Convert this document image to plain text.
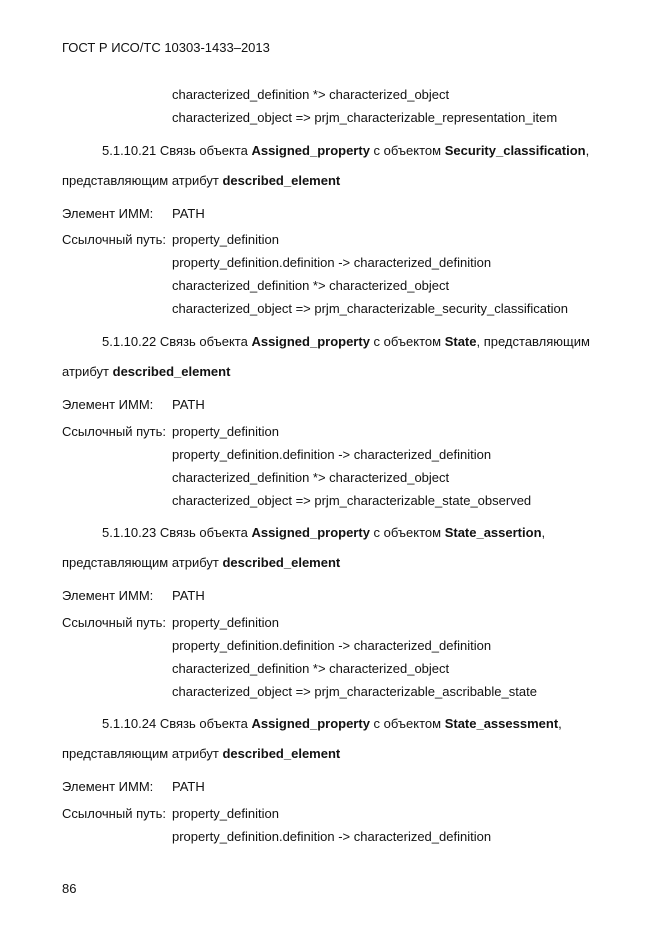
ГОСТ Р ИСО/ТС 10303-1433–2013
characterized_definition *> characterized_object
characterized_object => prjm_characterizable_representation_item
5.1.10.21 Связь объекта Assigned_property с объектом Security_classification,
представляющим атрибут described_element
Элемент ИММ: PATH
Ссылочный путь: property_definition
property_definition.definition -> characterized_definition
characterized_definition *> characterized_object
characterized_object => prjm_characterizable_security_classification
5.1.10.22 Связь объекта Assigned_property с объектом State, представляющим
атрибут described_element
Элемент ИММ: PATH
Ссылочный путь: property_definition
property_definition.definition -> characterized_definition
characterized_definition *> characterized_object
characterized_object => prjm_characterizable_state_observed
5.1.10.23 Связь объекта Assigned_property с объектом State_assertion,
представляющим атрибут described_element
Элемент ИММ: PATH
Ссылочный путь: property_definition
property_definition.definition -> characterized_definition
characterized_definition *> characterized_object
characterized_object => prjm_characterizable_ascribable_state
5.1.10.24 Связь объекта Assigned_property с объектом State_assessment,
представляющим атрибут described_element
Элемент ИММ: PATH
Ссылочный путь: property_definition
property_definition.definition -> characterized_definition
86
